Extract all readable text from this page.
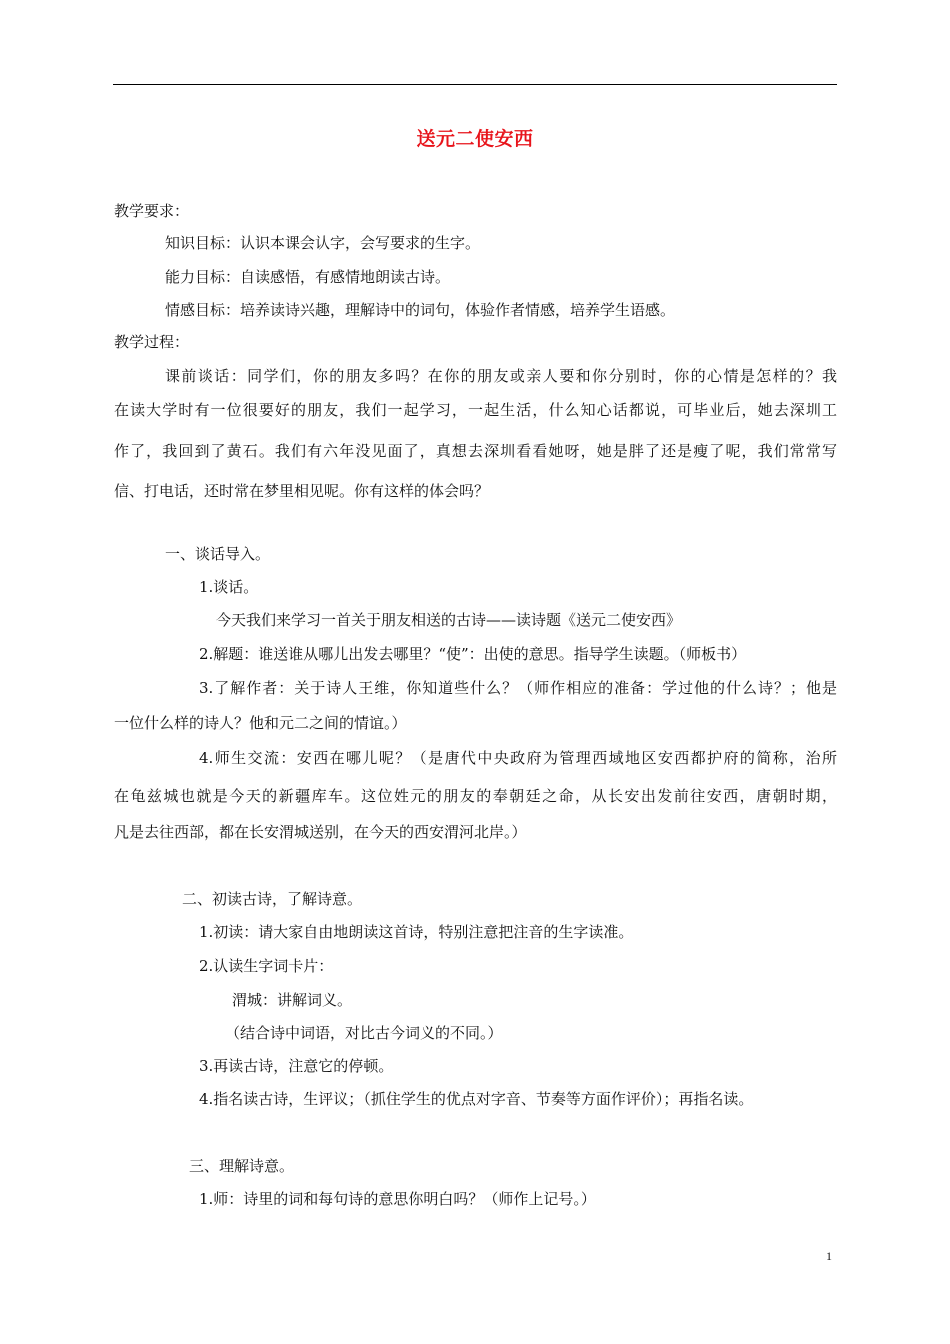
送元二使安西
教学要求：
知识目标：认识本课会认字，会写要求的生字。
能力目标：自读感悟，有感情地朗读古诗。
情感目标：培养读诗兴趣，理解诗中的词句，体验作者情感，培养学生语感。
教学过程：
课前谈话：同学们，你的朋友多吗？在你的朋友或亲人要和你分别时，你的心情是怎样的？我
在读大学时有一位很要好的朋友，我们一起学习，一起生活，什么知心话都说，可毕业后，她去深圳工
作了，我回到了黄石。我们有六年没见面了，真想去深圳看看她呀，她是胖了还是瘦了呢，我们常常写
信、打电话，还时常在梦里相见呢。你有这样的体会吗？
一、谈话导入。
1.谈话。
今天我们来学习一首关于朋友相送的古诗——读诗题《送元二使安西》
2.解题：谁送谁从哪儿出发去哪里？“使”：出使的意思。指导学生读题。（师板书）
3.了解作者：关于诗人王维，你知道些什么？（师作相应的准备：学过他的什么诗？；他是
一位什么样的诗人？他和元二之间的情谊。）
4.师生交流：安西在哪儿呢？（是唐代中央政府为管理西域地区安西都护府的简称，治所
在龟兹城也就是今天的新疆库车。这位姓元的朋友的奉朝廷之命，从长安出发前往安西，唐朝时期，
凡是去往西部，都在长安渭城送别，在今天的西安渭河北岸。）
二、初读古诗，了解诗意。
1.初读：请大家自由地朗读这首诗，特别注意把注音的生字读准。
2.认读生字词卡片：
渭城：讲解词义。
（结合诗中词语，对比古今词义的不同。）
3.再读古诗，注意它的停顿。
4.指名读古诗，生评议；（抓住学生的优点对字音、节奏等方面作评价）；再指名读。
三、理解诗意。
1.师：诗里的词和每句诗的意思你明白吗？（师作上记号。）
1
